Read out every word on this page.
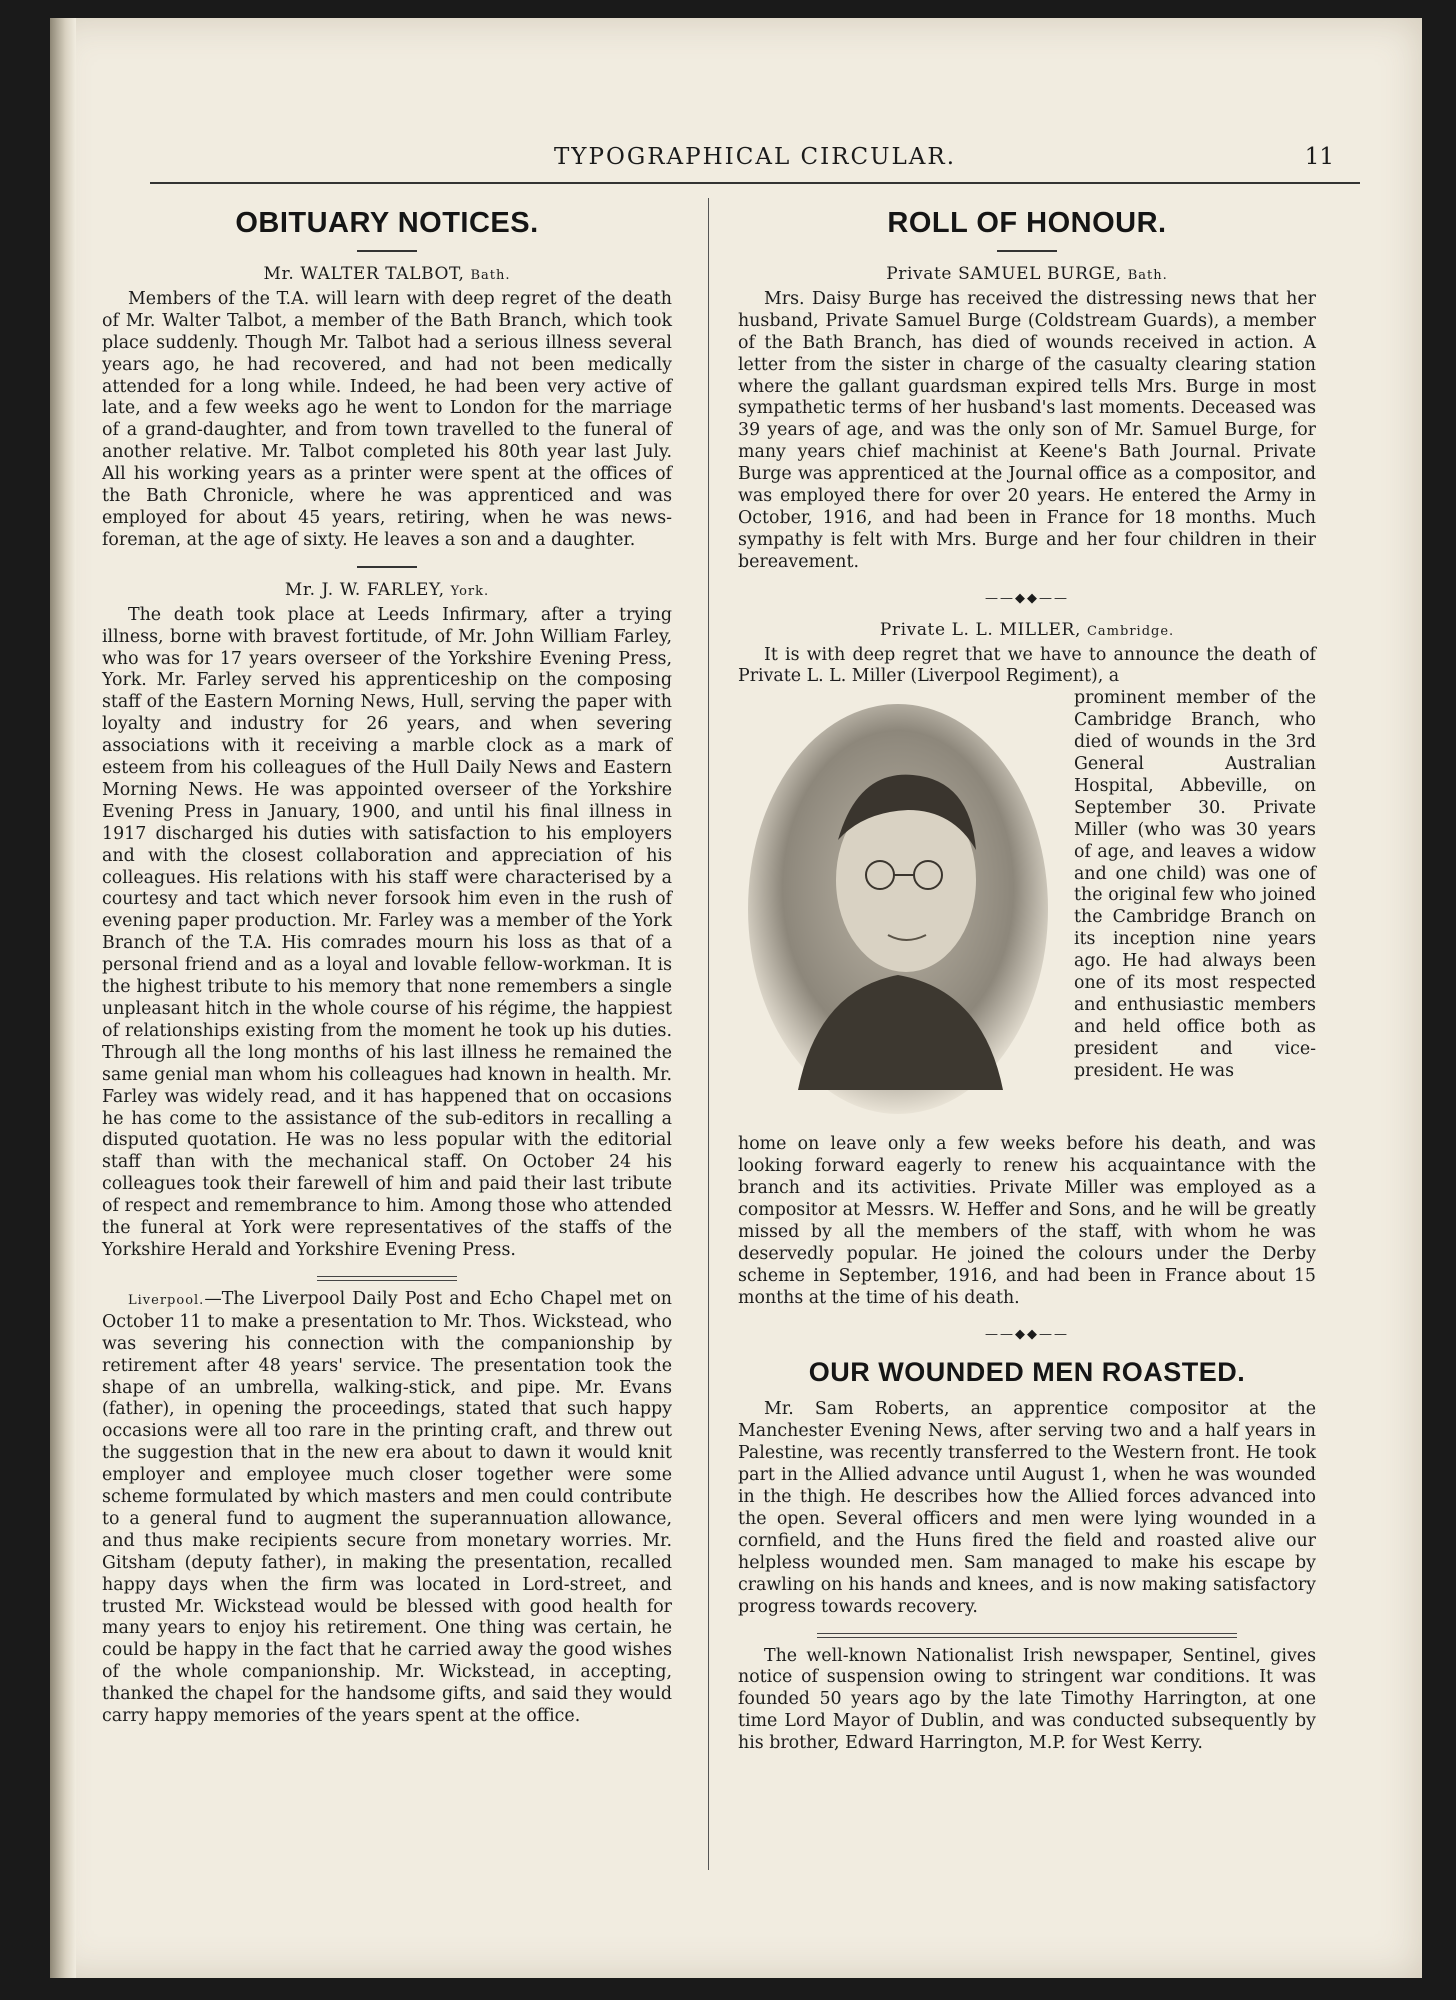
TYPOGRAPHICAL CIRCULAR.	11
OBITUARY NOTICES.
Mr. WALTER TALBOT, Bath.

Members of the T.A. will learn with deep regret of the death of Mr. Walter Talbot, a member of the Bath Branch, which took place suddenly. Though Mr. Talbot had a serious illness several years ago, he had recovered, and had not been medically attended for a long while. Indeed, he had been very active of late, and a few weeks ago he went to London for the marriage of a grand-daughter, and from town travelled to the funeral of another relative. Mr. Talbot completed his 80th year last July. All his working years as a printer were spent at the offices of the Bath Chronicle, where he was apprenticed and was employed for about 45 years, retiring, when he was news-foreman, at the age of sixty. He leaves a son and a daughter.

Mr. J. W. FARLEY, York.

The death took place at Leeds Infirmary, after a trying illness, borne with bravest fortitude, of Mr. John William Farley, who was for 17 years overseer of the Yorkshire Evening Press, York. Mr. Farley served his apprenticeship on the composing staff of the Eastern Morning News, Hull, serving the paper with loyalty and industry for 26 years, and when severing associations with it receiving a marble clock as a mark of esteem from his colleagues of the Hull Daily News and Eastern Morning News. He was appointed overseer of the Yorkshire Evening Press in January, 1900, and until his final illness in 1917 discharged his duties with satisfaction to his employers and with the closest collaboration and appreciation of his colleagues. His relations with his staff were characterised by a courtesy and tact which never forsook him even in the rush of evening paper production. Mr. Farley was a member of the York Branch of the T.A. His comrades mourn his loss as that of a personal friend and as a loyal and lovable fellow-workman. It is the highest tribute to his memory that none remembers a single unpleasant hitch in the whole course of his régime, the happiest of relationships existing from the moment he took up his duties. Through all the long months of his last illness he remained the same genial man whom his colleagues had known in health. Mr. Farley was widely read, and it has happened that on occasions he has come to the assistance of the sub-editors in recalling a disputed quotation. He was no less popular with the editorial staff than with the mechanical staff. On October 24 his colleagues took their farewell of him and paid their last tribute of respect and remembrance to him. Among those who attended the funeral at York were representatives of the staffs of the Yorkshire Herald and Yorkshire Evening Press.

Liverpool.—The Liverpool Daily Post and Echo Chapel met on October 11 to make a presentation to Mr. Thos. Wickstead, who was severing his connection with the companionship by retirement after 48 years' service. The presentation took the shape of an umbrella, walking-stick, and pipe. Mr. Evans (father), in opening the proceedings, stated that such happy occasions were all too rare in the printing craft, and threw out the suggestion that in the new era about to dawn it would knit employer and employee much closer together were some scheme formulated by which masters and men could contribute to a general fund to augment the superannuation allowance, and thus make recipients secure from monetary worries. Mr. Gitsham (deputy father), in making the presentation, recalled happy days when the firm was located in Lord-street, and trusted Mr. Wickstead would be blessed with good health for many years to enjoy his retirement. One thing was certain, he could be happy in the fact that he carried away the good wishes of the whole companionship. Mr. Wickstead, in accepting, thanked the chapel for the handsome gifts, and said they would carry happy memories of the years spent at the office.

ROLL OF HONOUR.
Private SAMUEL BURGE, Bath.

Mrs. Daisy Burge has received the distressing news that her husband, Private Samuel Burge (Coldstream Guards), a member of the Bath Branch, has died of wounds received in action. A letter from the sister in charge of the casualty clearing station where the gallant guardsman expired tells Mrs. Burge in most sympathetic terms of her husband's last moments. Deceased was 39 years of age, and was the only son of Mr. Samuel Burge, for many years chief machinist at Keene's Bath Journal. Private Burge was apprenticed at the Journal office as a compositor, and was employed there for over 20 years. He entered the Army in October, 1916, and had been in France for 18 months. Much sympathy is felt with Mrs. Burge and her four children in their bereavement.

——◆◆——
Private L. L. MILLER, Cambridge.

It is with deep regret that we have to announce the death of Private L. L. Miller (Liverpool Regiment), a

prominent member of the Cambridge Branch, who died of wounds in the 3rd General Australian Hospital, Abbeville, on September 30. Private Miller (who was 30 years of age, and leaves a widow and one child) was one of the original few who joined the Cambridge Branch on its inception nine years ago. He had always been one of its most respected and enthusiastic members and held office both as president and vice-president. He was

home on leave only a few weeks before his death, and was looking forward eagerly to renew his acquaintance with the branch and its activities. Private Miller was employed as a compositor at Messrs. W. Heffer and Sons, and he will be greatly missed by all the members of the staff, with whom he was deservedly popular. He joined the colours under the Derby scheme in September, 1916, and had been in France about 15 months at the time of his death.

——◆◆——
OUR WOUNDED MEN ROASTED.

Mr. Sam Roberts, an apprentice compositor at the Manchester Evening News, after serving two and a half years in Palestine, was recently transferred to the Western front. He took part in the Allied advance until August 1, when he was wounded in the thigh. He describes how the Allied forces advanced into the open. Several officers and men were lying wounded in a cornfield, and the Huns fired the field and roasted alive our helpless wounded men. Sam managed to make his escape by crawling on his hands and knees, and is now making satisfactory progress towards recovery.

The well-known Nationalist Irish newspaper, Sentinel, gives notice of suspension owing to stringent war conditions. It was founded 50 years ago by the late Timothy Harrington, at one time Lord Mayor of Dublin, and was conducted subsequently by his brother, Edward Harrington, M.P. for West Kerry.
